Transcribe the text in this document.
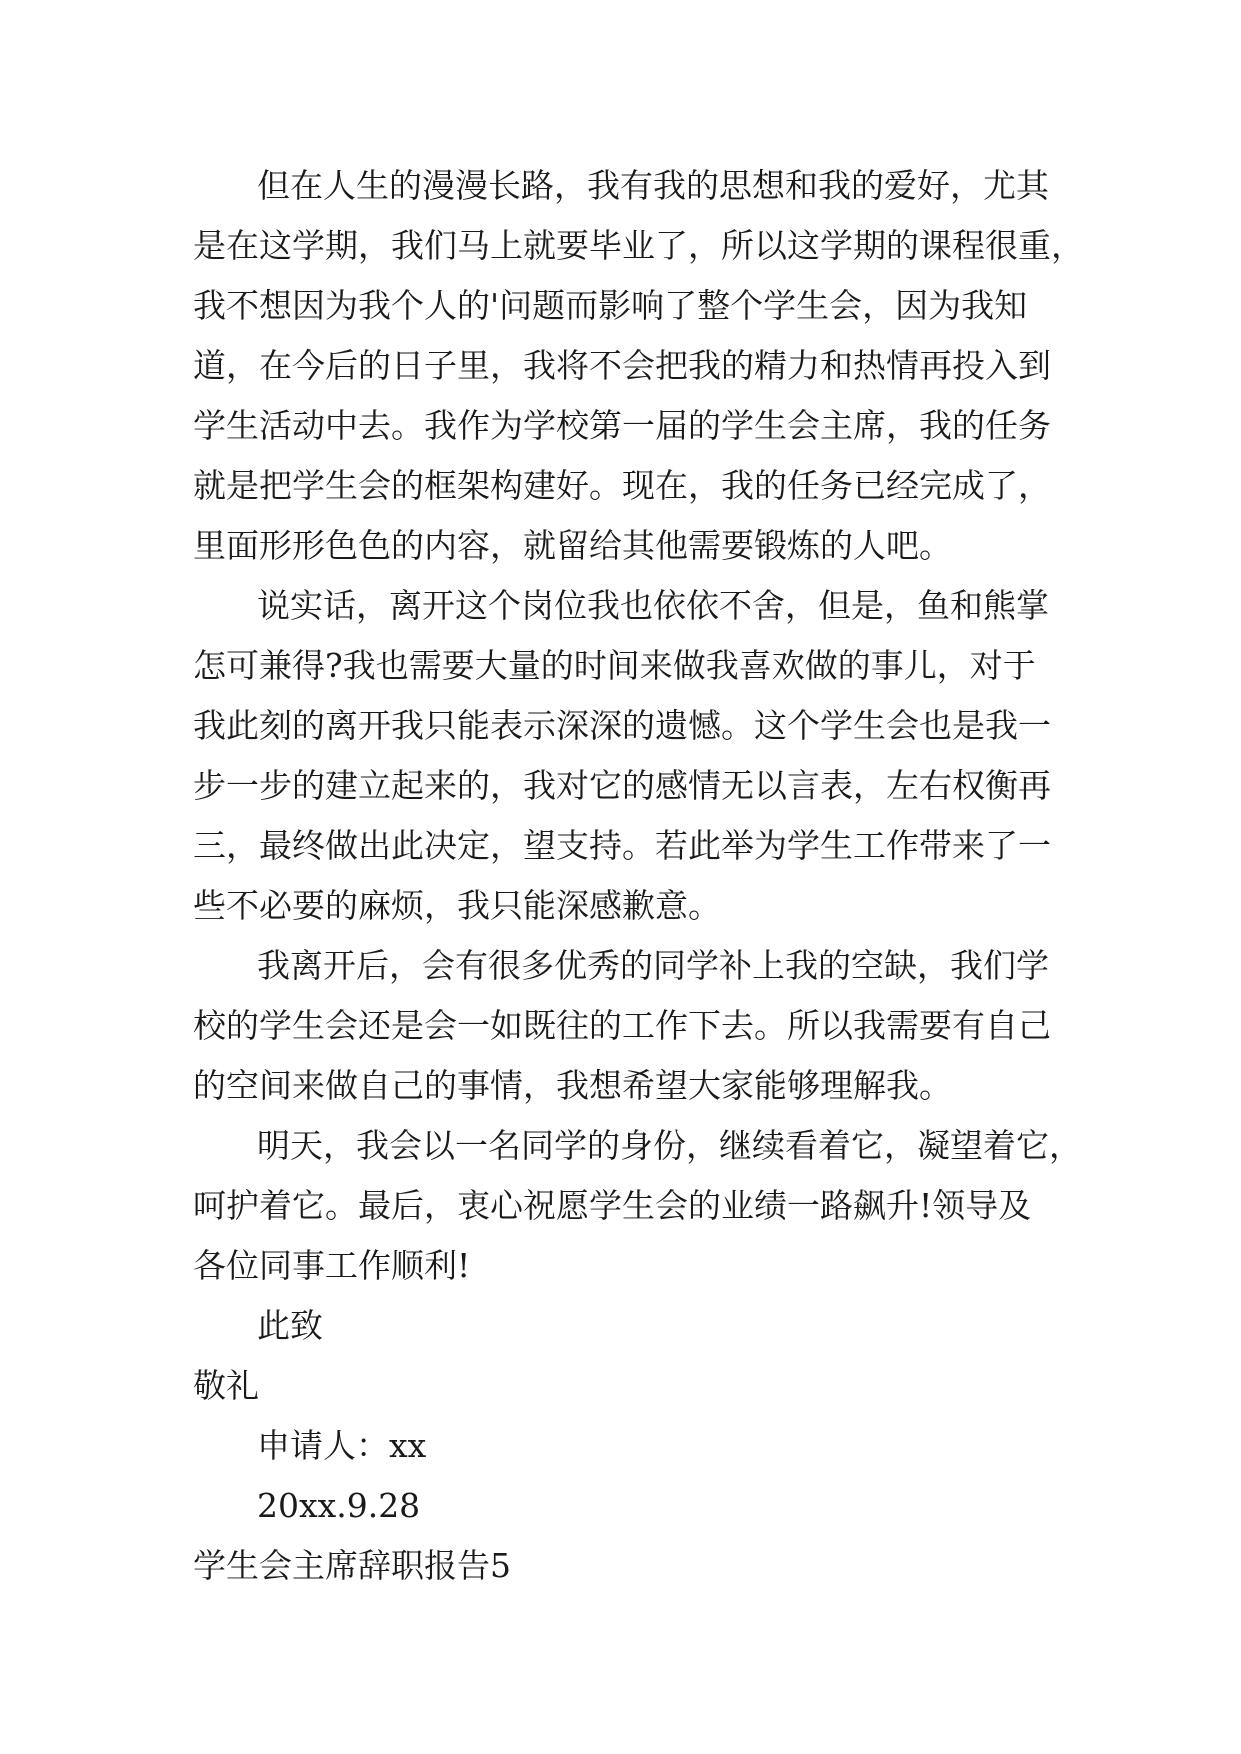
但在人生的漫漫长路，我有我的思想和我的爱好，尤其
是在这学期，我们马上就要毕业了，所以这学期的课程很重，
我不想因为我个人的'问题而影响了整个学生会，因为我知
道，在今后的日子里，我将不会把我的精力和热情再投入到
学生活动中去。我作为学校第一届的学生会主席，我的任务
就是把学生会的框架构建好。现在，我的任务已经完成了，
里面形形色色的内容，就留给其他需要锻炼的人吧。
说实话，离开这个岗位我也依依不舍，但是，鱼和熊掌
怎可兼得?我也需要大量的时间来做我喜欢做的事儿，对于
我此刻的离开我只能表示深深的遗憾。这个学生会也是我一
步一步的建立起来的，我对它的感情无以言表，左右权衡再
三，最终做出此决定，望支持。若此举为学生工作带来了一
些不必要的麻烦，我只能深感歉意。
我离开后，会有很多优秀的同学补上我的空缺，我们学
校的学生会还是会一如既往的工作下去。所以我需要有自己
的空间来做自己的事情，我想希望大家能够理解我。
明天，我会以一名同学的身份，继续看着它，凝望着它，
呵护着它。最后，衷心祝愿学生会的业绩一路飙升!领导及
各位同事工作顺利!
此致
敬礼
申请人：xx
20xx.9.28
学生会主席辞职报告5
